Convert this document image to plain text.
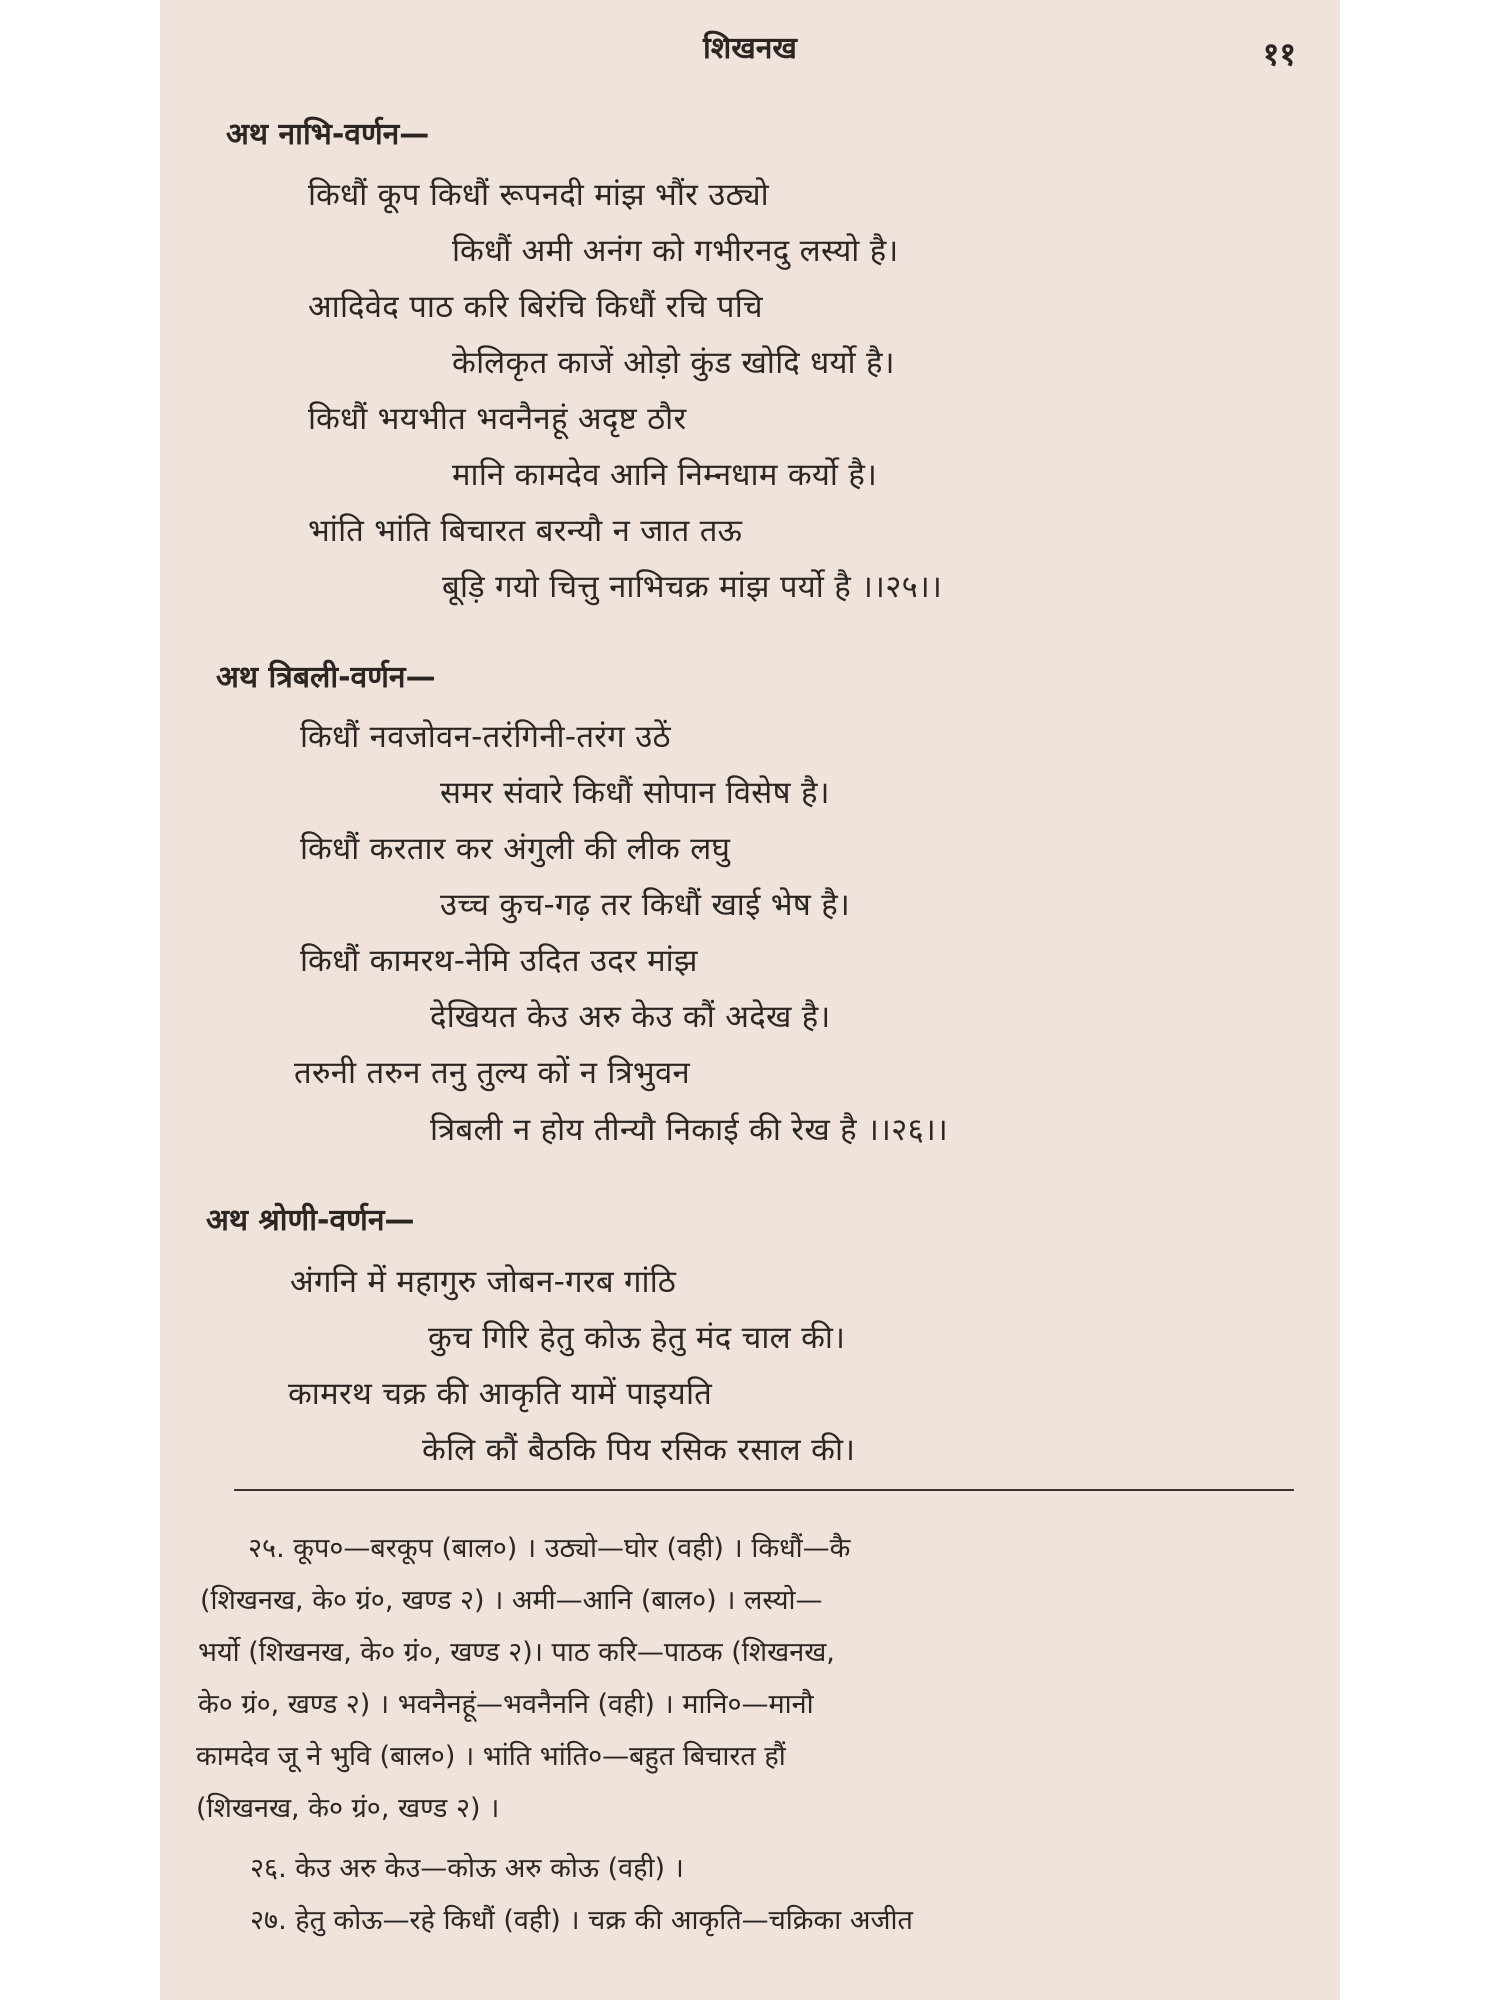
शिखनख	११
अथ नाभि-वर्णन—
किधौं कूप किधौं रूपनदी मांझ भौंर उठ्यो
किधौं अमी अनंग को गभीरनदु लस्यो है।
आदिवेद पाठ करि बिरंचि किधौं रचि पचि
केलिकृत काजें ओड़ो कुंड खोदि धर्यो है।
किधौं भयभीत भवनैनहूं अदृष्ट ठौर
मानि कामदेव आनि निम्नधाम कर्यो है।
भांति भांति बिचारत बरन्यौ न जात तऊ
बूड़ि गयो चित्तु नाभिचक्र मांझ पर्यो है ।।२५।।
अथ त्रिबली-वर्णन—
किधौं नवजोवन-तरंगिनी-तरंग उठें
समर संवारे किधौं सोपान विसेष है।
किधौं करतार कर अंगुली की लीक लघु
उच्च कुच-गढ़ तर किधौं खाई भेष है।
किधौं कामरथ-नेमि उदित उदर मांझ
देखियत केउ अरु केउ कौं अदेख है।
तरुनी तरुन तनु तुल्य कों न त्रिभुवन
त्रिबली न होय तीन्यौ निकाई की रेख है ।।२६।।
अथ श्रोणी-वर्णन—
अंगनि में महागुरु जोबन-गरब गांठि
कुच गिरि हेतु कोऊ हेतु मंद चाल की।
कामरथ चक्र की आकृति यामें पाइयति
केलि कौं बैठकि पिय रसिक रसाल की।
२५. कूप०—बरकूप (बाल०) । उठ्यो—घोर (वही) । किधौं—कै
(शिखनख, के० ग्रं०, खण्ड २) । अमी—आनि (बाल०) । लस्यो—
भर्यो (शिखनख, के० ग्रं०, खण्ड २)। पाठ करि—पाठक (शिखनख,
के० ग्रं०, खण्ड २) । भवनैनहूं—भवनैननि (वही) । मानि०—मानौ
कामदेव जू ने भुवि (बाल०) । भांति भांति०—बहुत बिचारत हौं
(शिखनख, के० ग्रं०, खण्ड २) ।
२६. केउ अरु केउ—कोऊ अरु कोऊ (वही) ।
२७. हेतु कोऊ—रहे किधौं (वही) । चक्र की आकृति—चक्रिका अजीत
